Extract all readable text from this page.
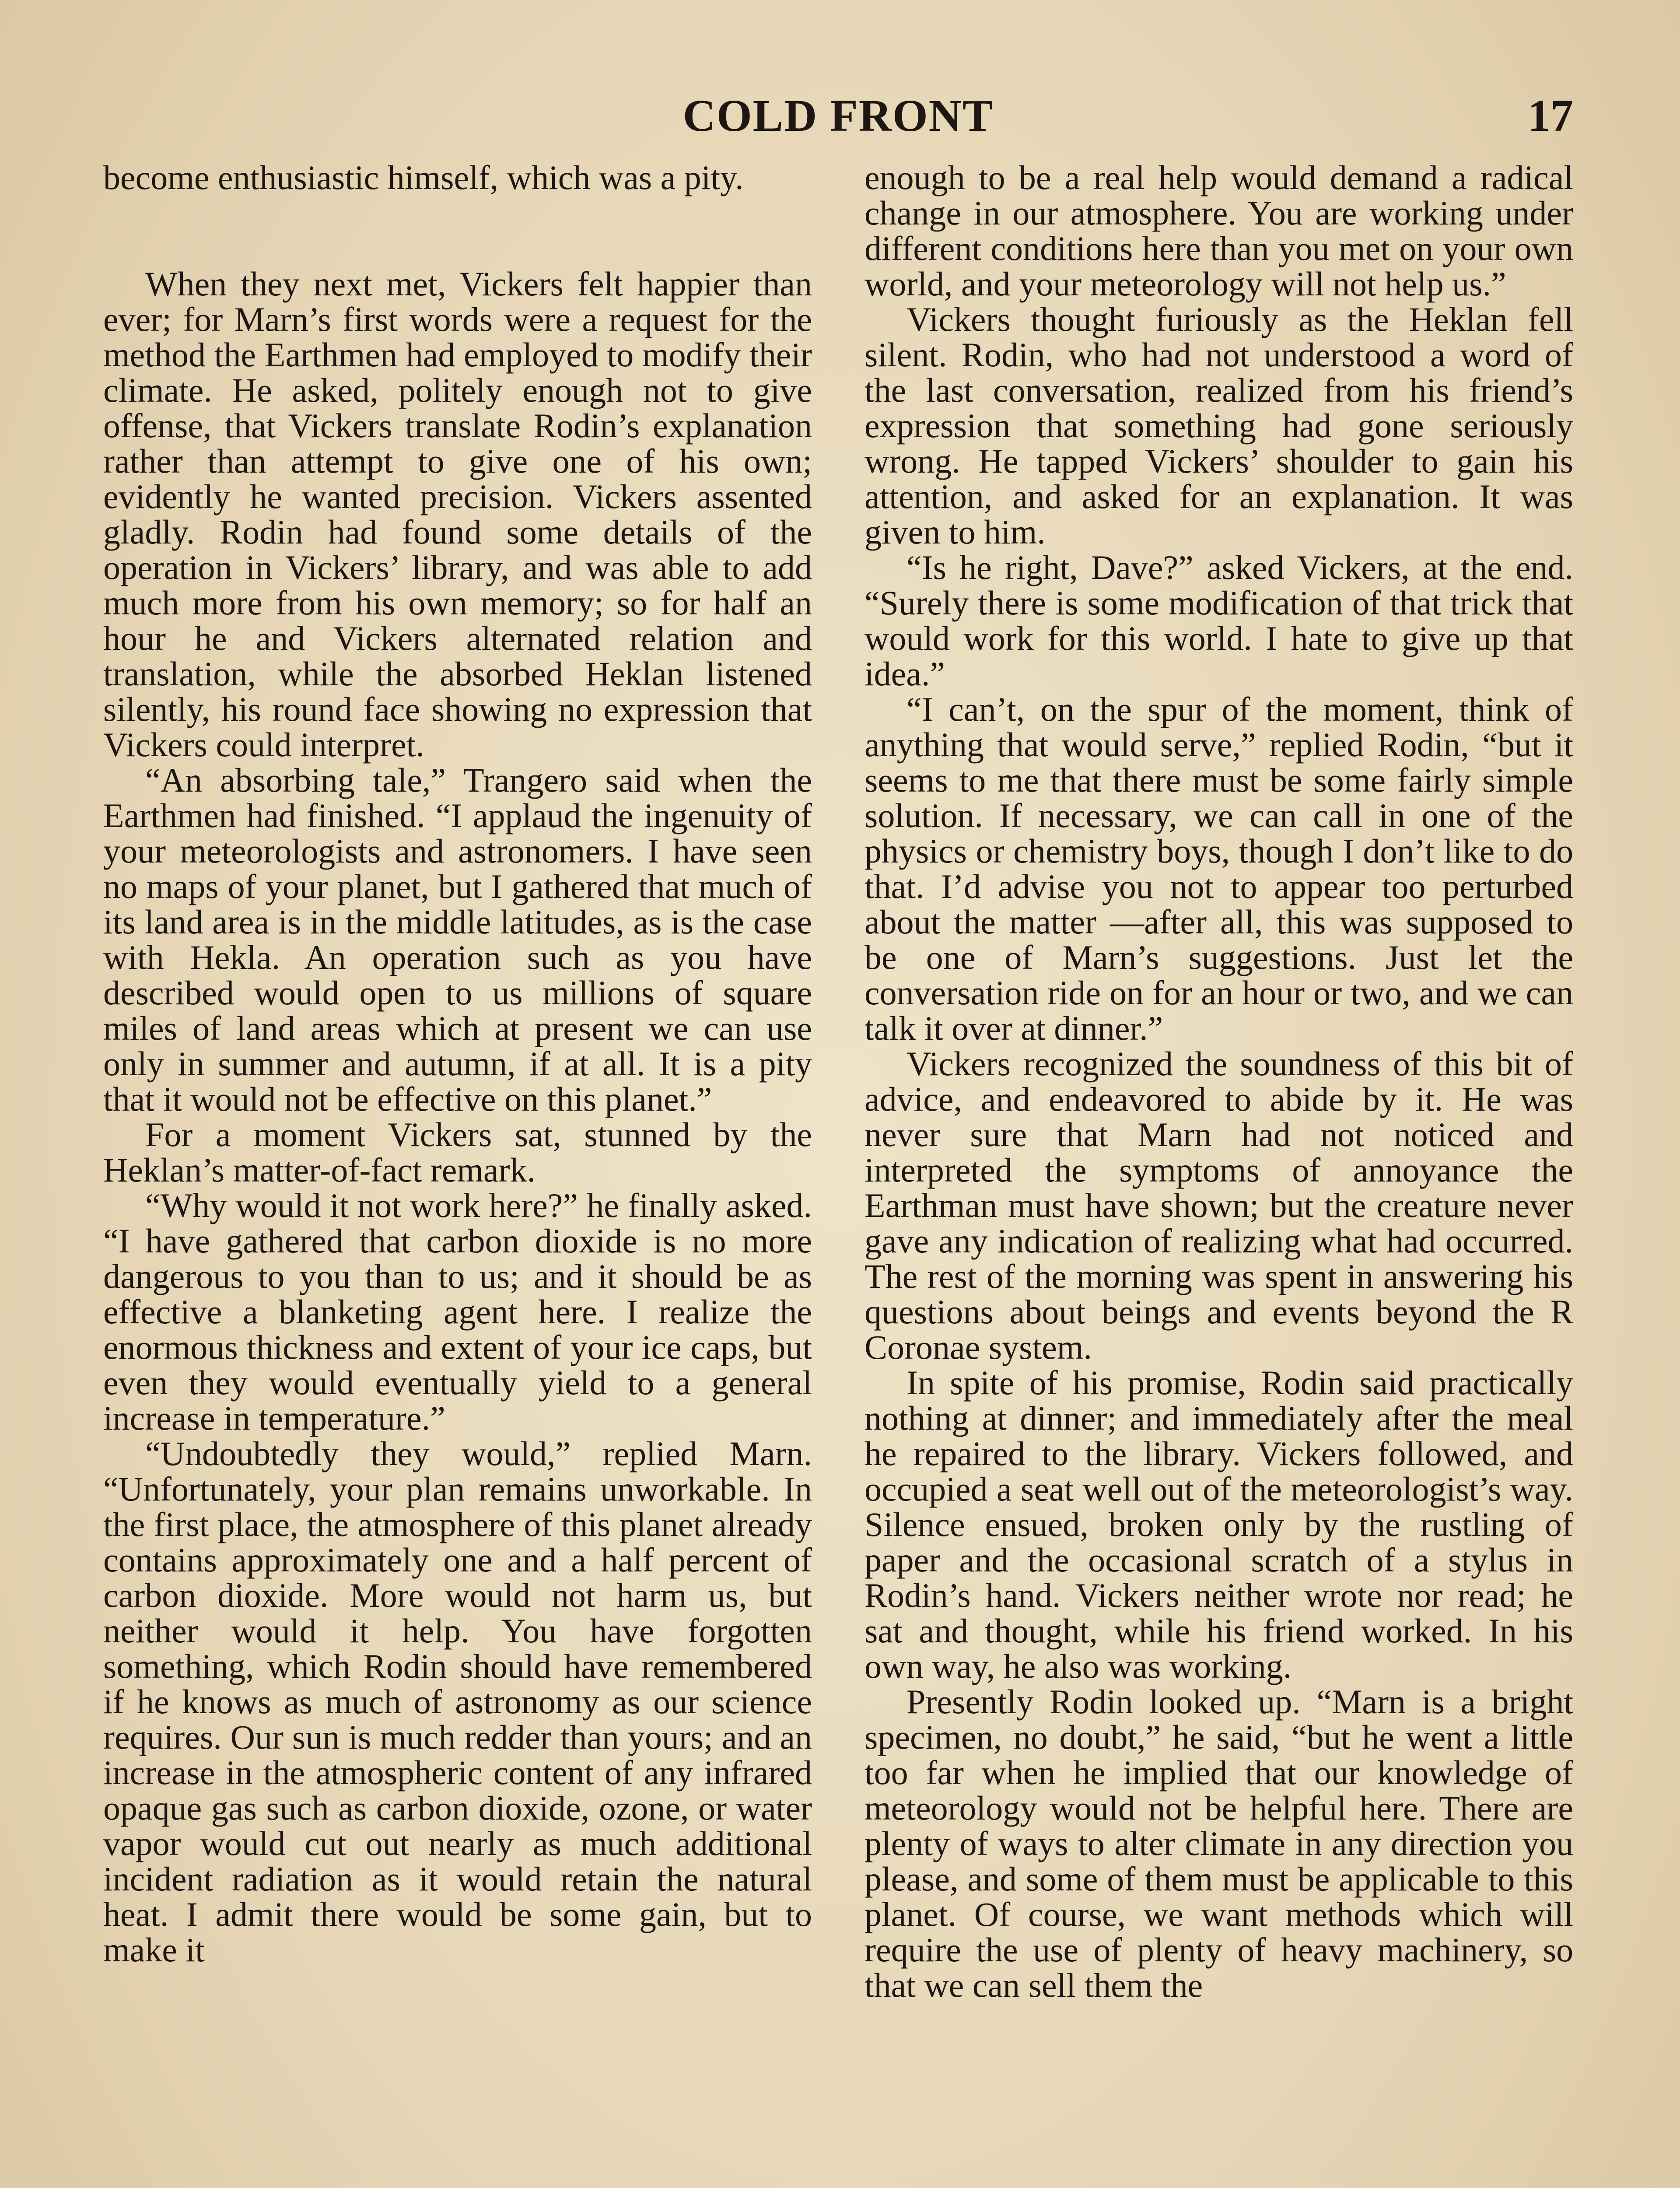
COLD FRONT	17

become enthusiastic himself, which was a pity.

When they next met, Vickers felt happier than ever; for Marn’s first words were a request for the method the Earthmen had employed to modify their climate. He asked, politely enough not to give offense, that Vickers translate Rodin’s explanation rather than attempt to give one of his own; evidently he wanted precision. Vickers assented gladly. Rodin had found some details of the operation in Vickers’ library, and was able to add much more from his own memory; so for half an hour he and Vickers alternated relation and translation, while the absorbed Heklan listened silently, his round face showing no expression that Vickers could interpret.

“An absorbing tale,” Trangero said when the Earthmen had finished. “I applaud the ingenuity of your meteorologists and astronomers. I have seen no maps of your planet, but I gathered that much of its land area is in the middle latitudes, as is the case with Hekla. An operation such as you have described would open to us millions of square miles of land areas which at present we can use only in summer and autumn, if at all. It is a pity that it would not be effective on this planet.”

For a moment Vickers sat, stunned by the Heklan’s matter-of-fact remark.

“Why would it not work here?” he finally asked. “I have gathered that carbon dioxide is no more dangerous to you than to us; and it should be as effective a blanketing agent here. I realize the enormous thickness and extent of your ice caps, but even they would eventually yield to a general increase in temperature.”

“Undoubtedly they would,” replied Marn. “Unfortunately, your plan remains unworkable. In the first place, the atmosphere of this planet already contains approximately one and a half percent of carbon dioxide. More would not harm us, but neither would it help. You have forgotten something, which Rodin should have remembered if he knows as much of astronomy as our science requires. Our sun is much redder than yours; and an increase in the atmospheric content of any infrared opaque gas such as carbon dioxide, ozone, or water vapor would cut out nearly as much additional incident radiation as it would retain the natural heat. I admit there would be some gain, but to make it

enough to be a real help would demand a radical change in our atmosphere. You are working under different conditions here than you met on your own world, and your meteorology will not help us.”

Vickers thought furiously as the Heklan fell silent. Rodin, who had not understood a word of the last conversation, realized from his friend’s expression that something had gone seriously wrong. He tapped Vickers’ shoulder to gain his attention, and asked for an explanation. It was given to him.

“Is he right, Dave?” asked Vickers, at the end. “Surely there is some modification of that trick that would work for this world. I hate to give up that idea.”

“I can’t, on the spur of the moment, think of anything that would serve,” replied Rodin, “but it seems to me that there must be some fairly simple solution. If necessary, we can call in one of the physics or chemistry boys, though I don’t like to do that. I’d advise you not to appear too perturbed about the matter —after all, this was supposed to be one of Marn’s suggestions. Just let the conversation ride on for an hour or two, and we can talk it over at dinner.”

Vickers recognized the soundness of this bit of advice, and endeavored to abide by it. He was never sure that Marn had not noticed and interpreted the symptoms of annoyance the Earthman must have shown; but the creature never gave any indication of realizing what had occurred. The rest of the morning was spent in answering his questions about beings and events beyond the R Coronae system.

In spite of his promise, Rodin said practically nothing at dinner; and immediately after the meal he repaired to the library. Vickers followed, and occupied a seat well out of the meteorologist’s way. Silence ensued, broken only by the rustling of paper and the occasional scratch of a stylus in Rodin’s hand. Vickers neither wrote nor read; he sat and thought, while his friend worked. In his own way, he also was working.

Presently Rodin looked up. “Marn is a bright specimen, no doubt,” he said, “but he went a little too far when he implied that our knowledge of meteorology would not be helpful here. There are plenty of ways to alter climate in any direction you please, and some of them must be applicable to this planet. Of course, we want methods which will require the use of plenty of heavy machinery, so that we can sell them the
